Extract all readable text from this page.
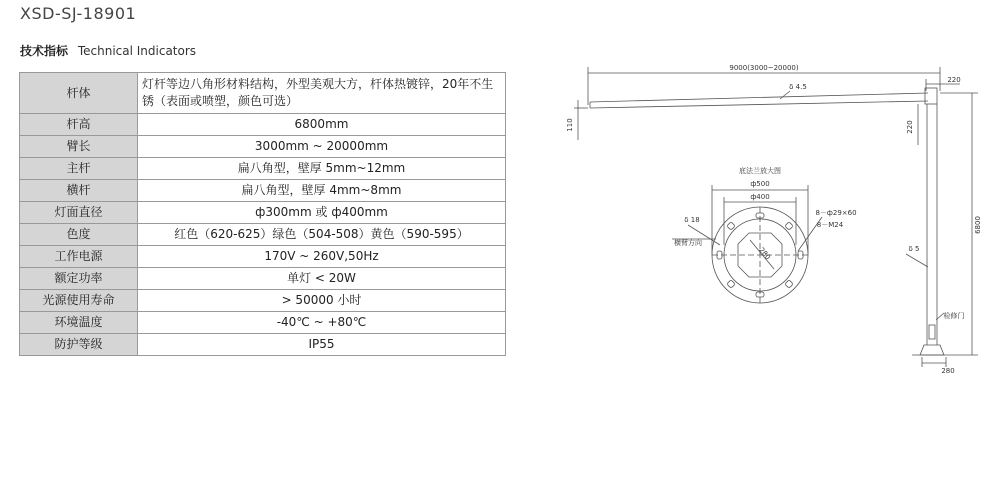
XSD-SJ-18901
技术指标 Technical Indicators
杆体	灯杆等边八角形材料结构，外型美观大方，杆体热镀锌，20年不生锈（表面或喷塑，颜色可选）
杆高	6800mm
臂长	3000mm ~ 20000mm
主杆	扁八角型，壁厚 5mm~12mm
横杆	扁八角型，壁厚 4mm~8mm
灯面直径	ф300mm 或 ф400mm
色度	红色（620-625）绿色（504-508）黄色（590-595）
工作电源	170V ~ 260V,50Hz
额定功率	单灯 < 20W
光源使用寿命	> 50000 小时
环境温度	-40℃ ~ +80℃
防护等级	IP55
9000(3000~20000)
220
δ 4.5
110	220
6800
δ 5
检修门
280
底法兰放大图
ф500
ф400
8－ф29×60
8－M24
δ 18
横臂方向
280
